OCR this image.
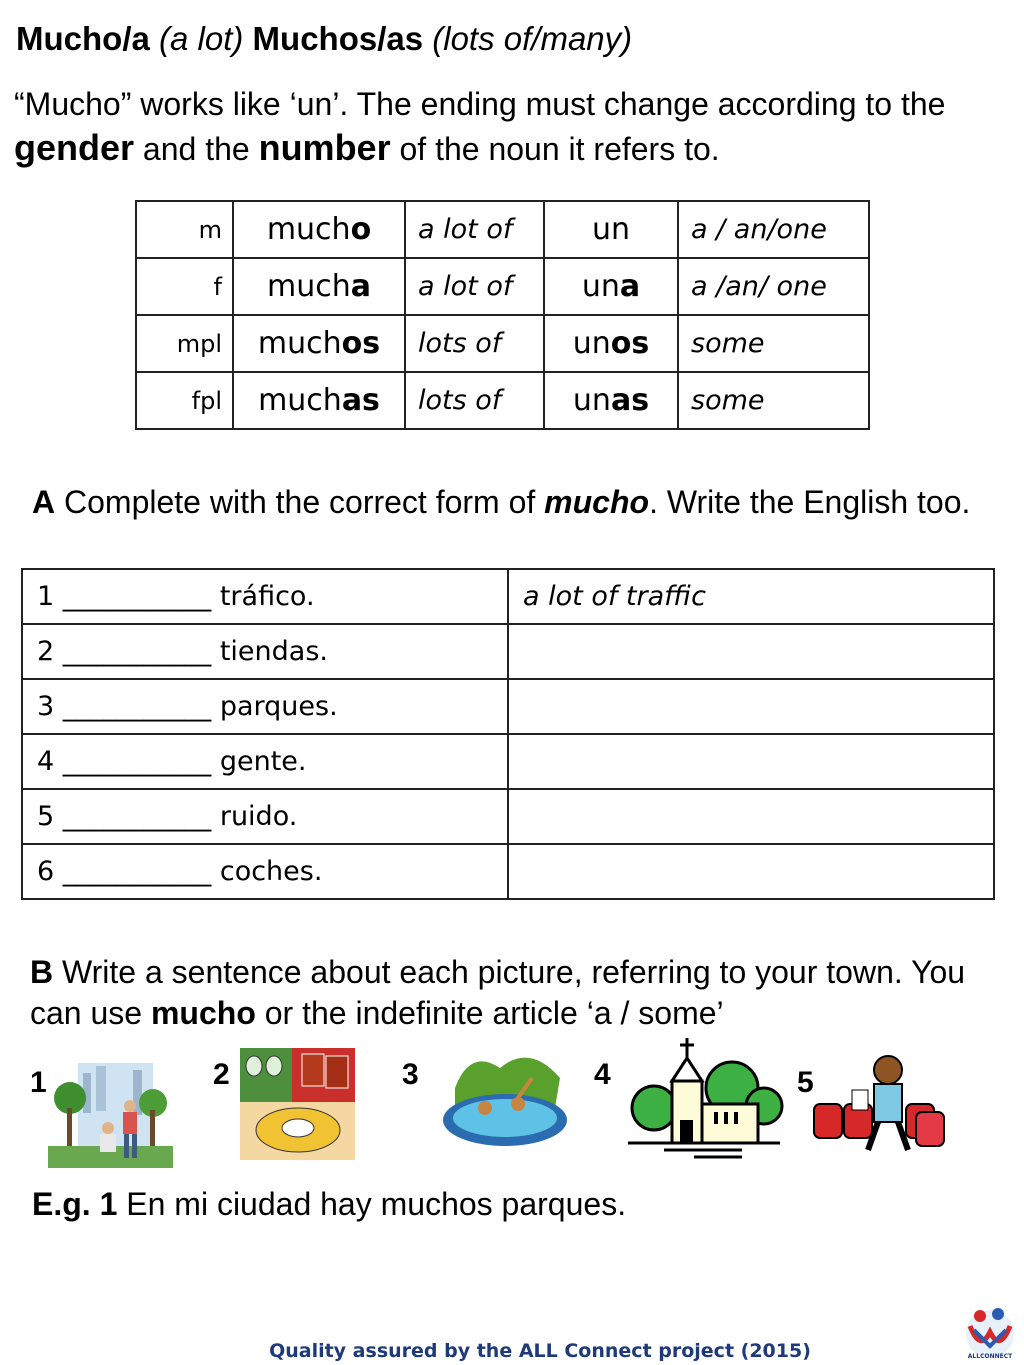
Mucho/a (a lot) Muchos/as (lots of/many)
“Mucho” works like ‘un’. The ending must change according to the gender and the number of the noun it refers to.
m	mucho	a lot of	un	a / an/one
f	mucha	a lot of	una	a /an/ one
mpl	muchos	lots of	unos	some
fpl	muchas	lots of	unas	some
A Complete with the correct form of mucho. Write the English too.
1 ___________ tráfico.	a lot of traffic
2 ___________ tiendas.	
3 ___________ parques.	
4 ___________ gente.	
5 ___________ ruido.	
6 ___________ coches.	
B Write a sentence about each picture, referring to your town. You can use mucho or the indefinite article ‘a / some’
1	2	3	4	5
E.g. 1 En mi ciudad hay muchos parques.
Quality assured by the ALL Connect project (2015)	ALLCONNECT
